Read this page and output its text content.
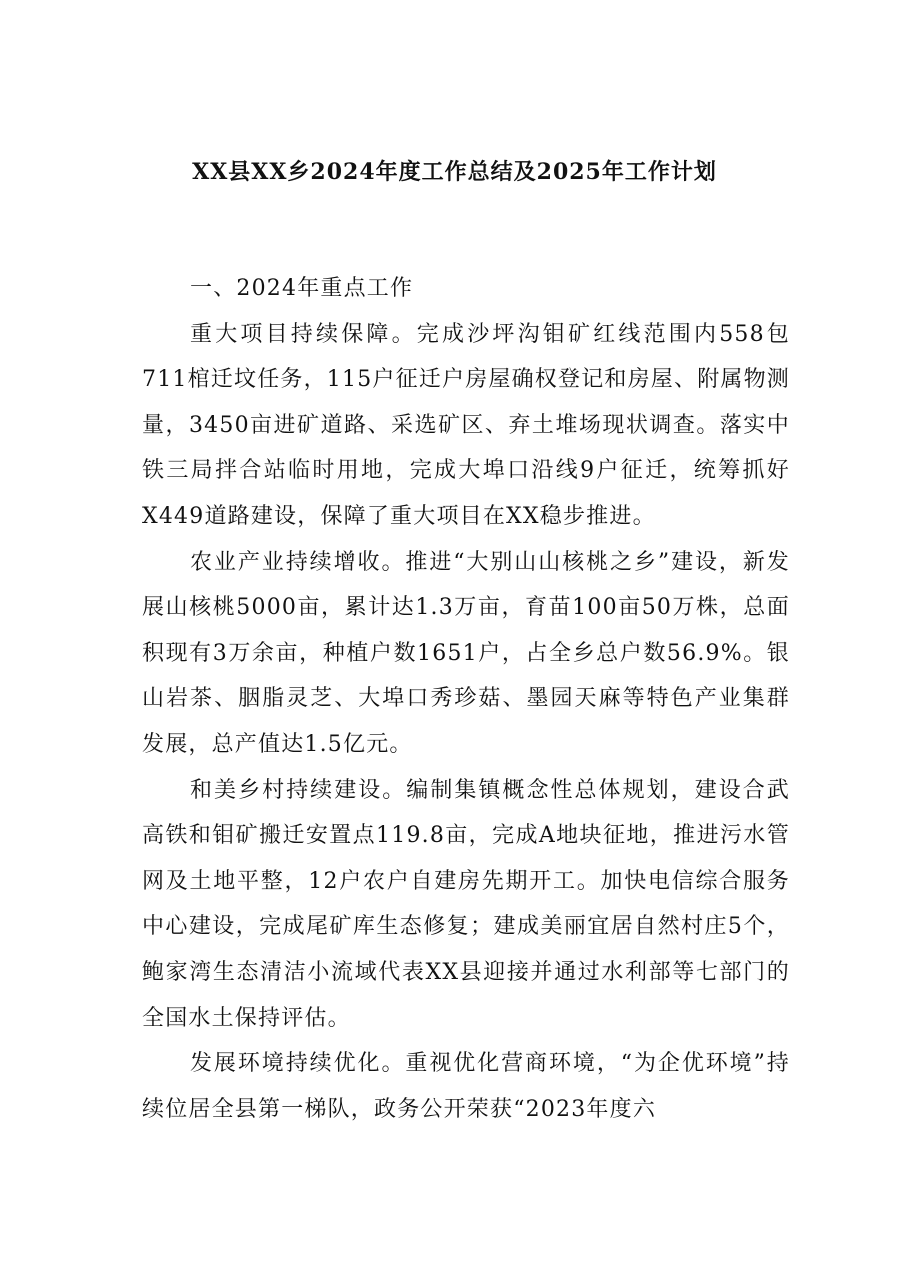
XX县XX乡2024年度工作总结及2025年工作计划

一、2024年重点工作

重大项目持续保障。完成沙坪沟钼矿红线范围内558包711棺迁坟任务，115户征迁户房屋确权登记和房屋、附属物测量，3450亩进矿道路、采选矿区、弃土堆场现状调查。落实中铁三局拌合站临时用地，完成大埠口沿线9户征迁，统筹抓好X449道路建设，保障了重大项目在XX稳步推进。

农业产业持续增收。推进“大别山山核桃之乡”建设，新发展山核桃5000亩，累计达1.3万亩，育苗100亩50万株，总面积现有3万余亩，种植户数1651户，占全乡总户数56.9%。银山岩茶、胭脂灵芝、大埠口秀珍菇、墨园天麻等特色产业集群发展，总产值达1.5亿元。

和美乡村持续建设。编制集镇概念性总体规划，建设合武高铁和钼矿搬迁安置点119.8亩，完成A地块征地，推进污水管网及土地平整，12户农户自建房先期开工。加快电信综合服务中心建设，完成尾矿库生态修复；建成美丽宜居自然村庄5个，鲍家湾生态清洁小流域代表XX县迎接并通过水利部等七部门的全国水土保持评估。

发展环境持续优化。重视优化营商环境，“为企优环境”持续位居全县第一梯队，政务公开荣获“2023年度六
